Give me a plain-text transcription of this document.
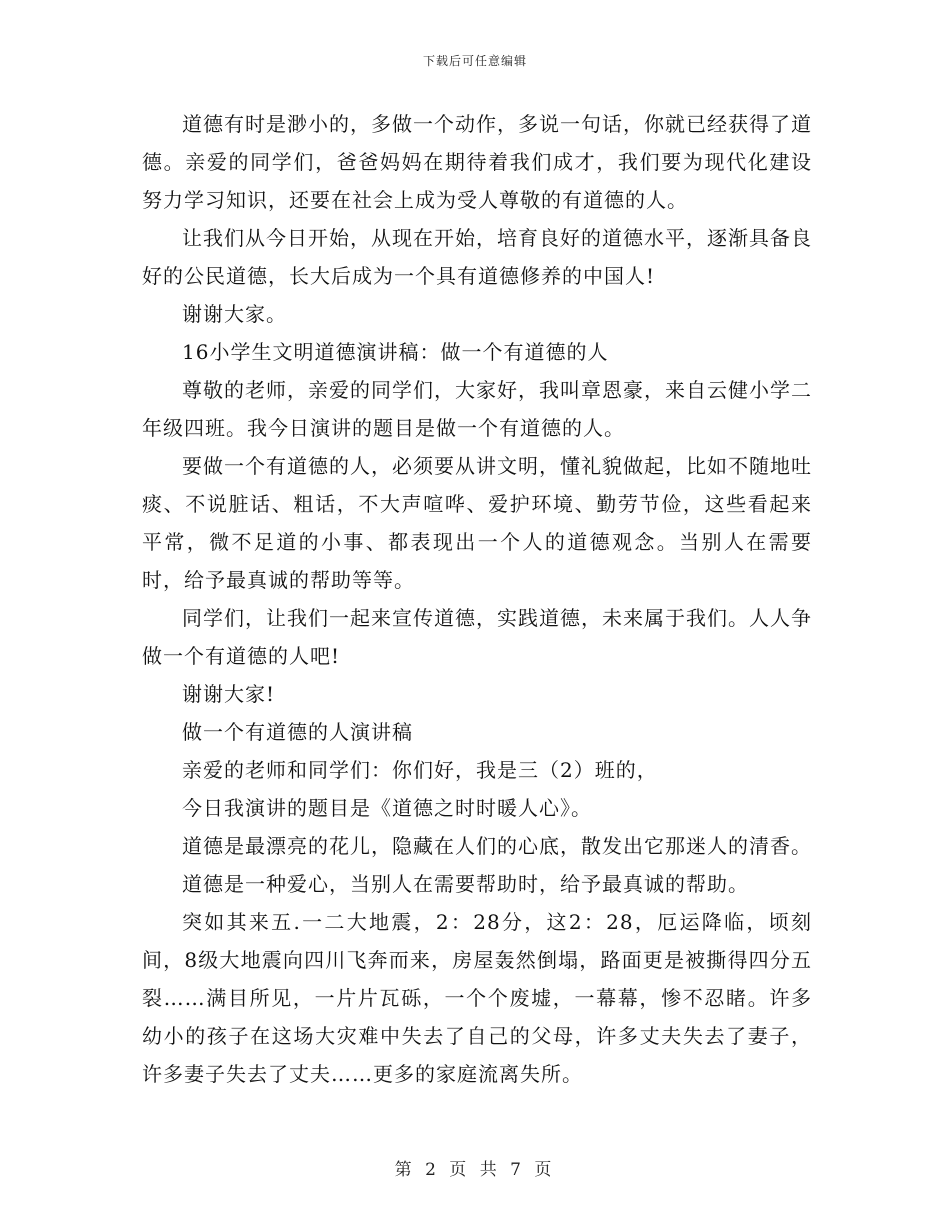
下载后可任意编辑

道德有时是渺小的，多做一个动作，多说一句话，你就已经获得了道德。亲爱的同学们，爸爸妈妈在期待着我们成才，我们要为现代化建设努力学习知识，还要在社会上成为受人尊敬的有道德的人。

让我们从今日开始，从现在开始，培育良好的道德水平，逐渐具备良好的公民道德，长大后成为一个具有道德修养的中国人!

谢谢大家。

16小学生文明道德演讲稿：做一个有道德的人

尊敬的老师，亲爱的同学们，大家好，我叫章恩豪，来自云健小学二年级四班。我今日演讲的题目是做一个有道德的人。

要做一个有道德的人，必须要从讲文明，懂礼貌做起，比如不随地吐痰、不说脏话、粗话，不大声喧哗、爱护环境、勤劳节俭，这些看起来平常，微不足道的小事、都表现出一个人的道德观念。当别人在需要时，给予最真诚的帮助等等。

同学们，让我们一起来宣传道德，实践道德，未来属于我们。人人争做一个有道德的人吧!

谢谢大家!

做一个有道德的人演讲稿

亲爱的老师和同学们：你们好，我是三（2）班的，

今日我演讲的题目是《道德之时时暖人心》。

道德是最漂亮的花儿，隐藏在人们的心底，散发出它那迷人的清香。

道德是一种爱心，当别人在需要帮助时，给予最真诚的帮助。

突如其来五.一二大地震，2：28分，这2：28，厄运降临，顷刻间，8级大地震向四川飞奔而来，房屋轰然倒塌，路面更是被撕得四分五裂……满目所见，一片片瓦砾，一个个废墟，一幕幕，惨不忍睹。许多幼小的孩子在这场大灾难中失去了自己的父母，许多丈夫失去了妻子，许多妻子失去了丈夫……更多的家庭流离失所。

第 2 页 共 7 页
